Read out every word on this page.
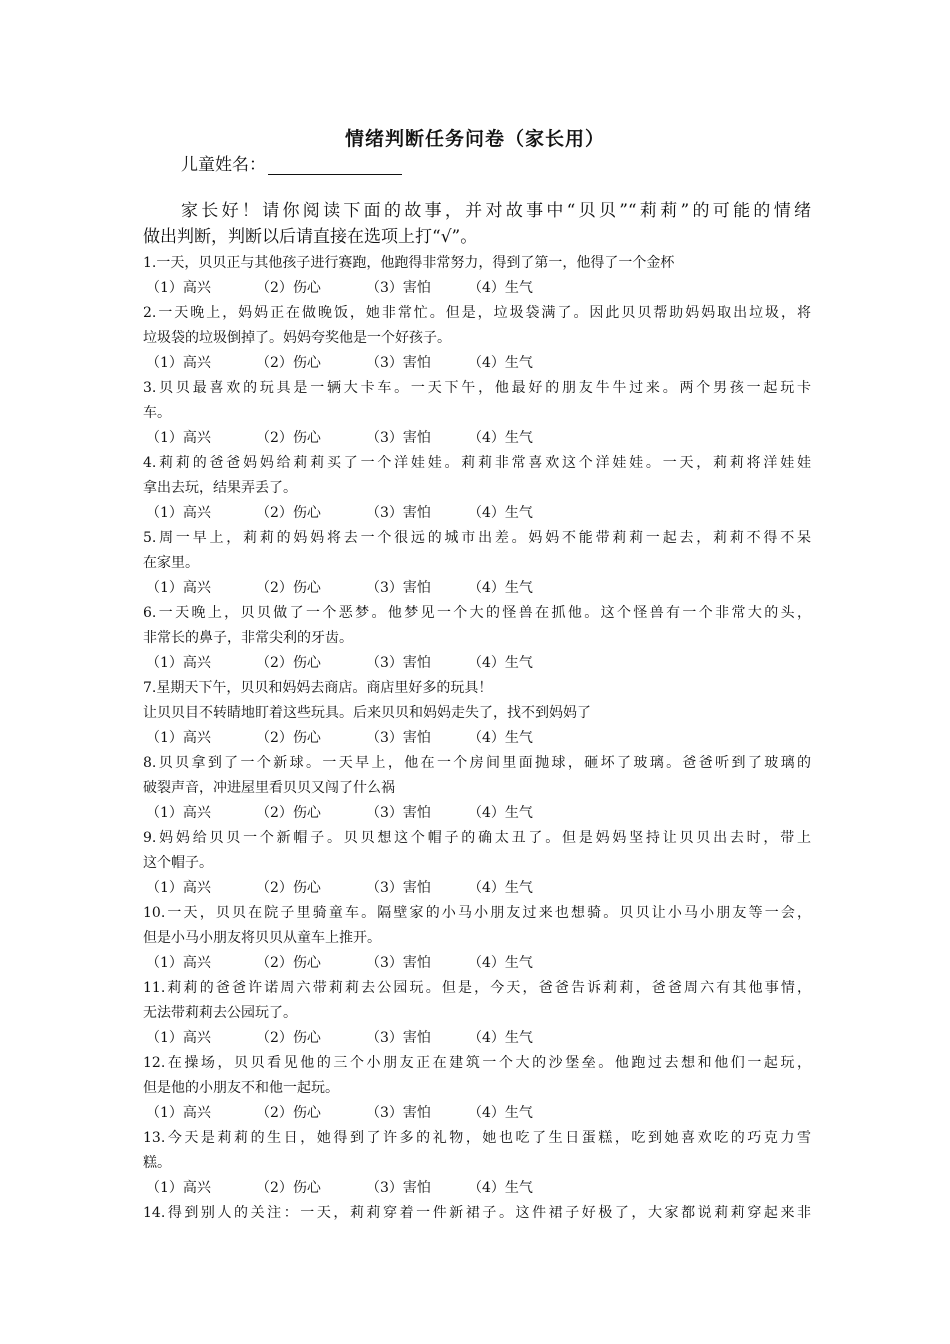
情绪判断任务问卷（家长用）
儿童姓名：

家长好！请你阅读下面的故事，并对故事中“贝贝”“莉莉”的可能的情绪

做出判断，判断以后请直接在选项上打“√”。
1.一天，贝贝正与其他孩子进行赛跑，他跑得非常努力，得到了第一，他得了一个金杯
（1）高兴	（2）伤心	（3）害怕	（4）生气
2.一天晚上，妈妈正在做晚饭，她非常忙。但是，垃圾袋满了。因此贝贝帮助妈妈取出垃圾，将
垃圾袋的垃圾倒掉了。妈妈夸奖他是一个好孩子。
（1）高兴	（2）伤心	（3）害怕	（4）生气
3.贝贝最喜欢的玩具是一辆大卡车。一天下午，他最好的朋友牛牛过来。两个男孩一起玩卡
车。
（1）高兴	（2）伤心	（3）害怕	（4）生气
4.莉莉的爸爸妈妈给莉莉买了一个洋娃娃。莉莉非常喜欢这个洋娃娃。一天，莉莉将洋娃娃
拿出去玩，结果弄丢了。
（1）高兴	（2）伤心	（3）害怕	（4）生气
5.周一早上，莉莉的妈妈将去一个很远的城市出差。妈妈不能带莉莉一起去，莉莉不得不呆
在家里。
（1）高兴	（2）伤心	（3）害怕	（4）生气
6.一天晚上，贝贝做了一个恶梦。他梦见一个大的怪兽在抓他。这个怪兽有一个非常大的头，
非常长的鼻子，非常尖利的牙齿。
（1）高兴	（2）伤心	（3）害怕	（4）生气
7.星期天下午，贝贝和妈妈去商店。商店里好多的玩具！
让贝贝目不转睛地盯着这些玩具。后来贝贝和妈妈走失了，找不到妈妈了
（1）高兴	（2）伤心	（3）害怕	（4）生气
8.贝贝拿到了一个新球。一天早上，他在一个房间里面抛球，砸坏了玻璃。爸爸听到了玻璃的
破裂声音，冲进屋里看贝贝又闯了什么祸
（1）高兴	（2）伤心	（3）害怕	（4）生气
9.妈妈给贝贝一个新帽子。贝贝想这个帽子的确太丑了。但是妈妈坚持让贝贝出去时，带上
这个帽子。
（1）高兴	（2）伤心	（3）害怕	（4）生气
10.一天，贝贝在院子里骑童车。隔壁家的小马小朋友过来也想骑。贝贝让小马小朋友等一会，
但是小马小朋友将贝贝从童车上推开。
（1）高兴	（2）伤心	（3）害怕	（4）生气
11.莉莉的爸爸许诺周六带莉莉去公园玩。但是，今天，爸爸告诉莉莉，爸爸周六有其他事情，
无法带莉莉去公园玩了。
（1）高兴	（2）伤心	（3）害怕	（4）生气
12.在操场，贝贝看见他的三个小朋友正在建筑一个大的沙堡垒。他跑过去想和他们一起玩，
但是他的小朋友不和他一起玩。
（1）高兴	（2）伤心	（3）害怕	（4）生气
13.今天是莉莉的生日，她得到了许多的礼物，她也吃了生日蛋糕，吃到她喜欢吃的巧克力雪
糕。
（1）高兴	（2）伤心	（3）害怕	（4）生气
14.得到别人的关注：一天，莉莉穿着一件新裙子。这件裙子好极了，大家都说莉莉穿起来非
